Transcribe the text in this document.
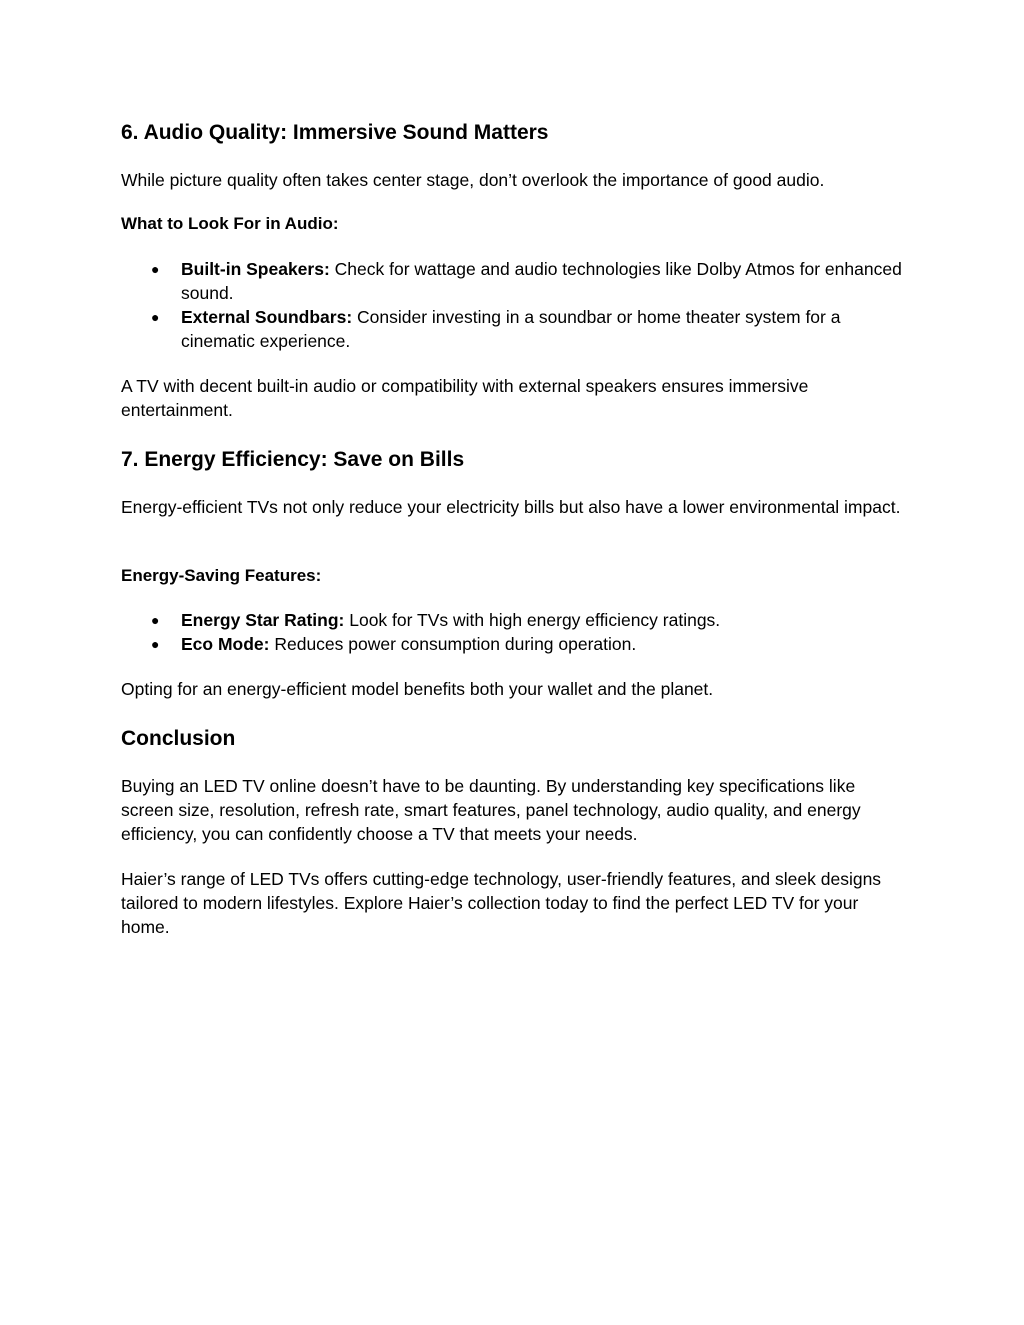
6. Audio Quality: Immersive Sound Matters

While picture quality often takes center stage, don’t overlook the importance of good audio.

What to Look For in Audio:

● Built-in Speakers: Check for wattage and audio technologies like Dolby Atmos for enhanced sound.
● External Soundbars: Consider investing in a soundbar or home theater system for a cinematic experience.

A TV with decent built-in audio or compatibility with external speakers ensures immersive entertainment.

7. Energy Efficiency: Save on Bills

Energy-efficient TVs not only reduce your electricity bills but also have a lower environmental impact.

Energy-Saving Features:

● Energy Star Rating: Look for TVs with high energy efficiency ratings.
● Eco Mode: Reduces power consumption during operation.

Opting for an energy-efficient model benefits both your wallet and the planet.

Conclusion

Buying an LED TV online doesn’t have to be daunting. By understanding key specifications like screen size, resolution, refresh rate, smart features, panel technology, audio quality, and energy efficiency, you can confidently choose a TV that meets your needs.

Haier’s range of LED TVs offers cutting-edge technology, user-friendly features, and sleek designs tailored to modern lifestyles. Explore Haier’s collection today to find the perfect LED TV for your home.
